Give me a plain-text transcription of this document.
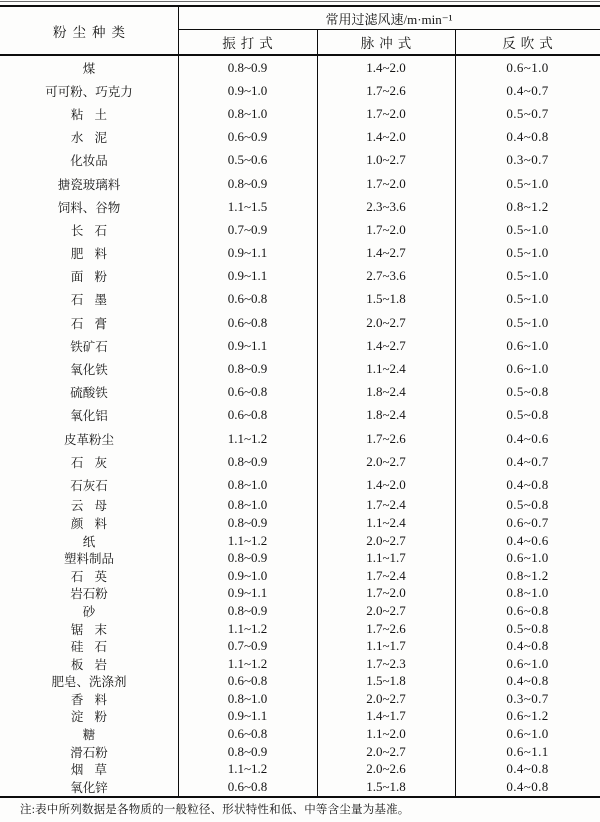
粉尘种类
常用过滤风速/m·min⁻¹
振打式	脉冲式	反吹式
煤	0.8~0.9	1.4~2.0	0.6~1.0
可可粉、巧克力	0.9~1.0	1.7~2.6	0.4~0.7
粘 土	0.8~1.0	1.7~2.0	0.5~0.7
水 泥	0.6~0.9	1.4~2.0	0.4~0.8
化妆品	0.5~0.6	1.0~2.7	0.3~0.7
搪瓷玻璃料	0.8~0.9	1.7~2.0	0.5~1.0
饲料、谷物	1.1~1.5	2.3~3.6	0.8~1.2
长 石	0.7~0.9	1.7~2.0	0.5~1.0
肥 料	0.9~1.1	1.4~2.7	0.5~1.0
面 粉	0.9~1.1	2.7~3.6	0.5~1.0
石 墨	0.6~0.8	1.5~1.8	0.5~1.0
石 膏	0.6~0.8	2.0~2.7	0.5~1.0
铁矿石	0.9~1.1	1.4~2.7	0.6~1.0
氧化铁	0.8~0.9	1.1~2.4	0.6~1.0
硫酸铁	0.6~0.8	1.8~2.4	0.5~0.8
氧化铝	0.6~0.8	1.8~2.4	0.5~0.8
皮革粉尘	1.1~1.2	1.7~2.6	0.4~0.6
石 灰	0.8~0.9	2.0~2.7	0.4~0.7
石灰石	0.8~1.0	1.4~2.0	0.4~0.8
云 母	0.8~1.0	1.7~2.4	0.5~0.8
颜 料	0.8~0.9	1.1~2.4	0.6~0.7
纸	1.1~1.2	2.0~2.7	0.4~0.6
塑料制品	0.8~0.9	1.1~1.7	0.6~1.0
石 英	0.9~1.0	1.7~2.4	0.8~1.2
岩石粉	0.9~1.1	1.7~2.0	0.8~1.0
砂	0.8~0.9	2.0~2.7	0.6~0.8
锯 末	1.1~1.2	1.7~2.6	0.5~0.8
硅 石	0.7~0.9	1.1~1.7	0.4~0.8
板 岩	1.1~1.2	1.7~2.3	0.6~1.0
肥皂、洗涤剂	0.6~0.8	1.5~1.8	0.4~0.8
香 料	0.8~1.0	2.0~2.7	0.3~0.7
淀 粉	0.9~1.1	1.4~1.7	0.6~1.2
糖	0.6~0.8	1.1~2.0	0.6~1.0
滑石粉	0.8~0.9	2.0~2.7	0.6~1.1
烟 草	1.1~1.2	2.0~2.6	0.4~0.8
氧化锌	0.6~0.8	1.5~1.8	0.4~0.8
注:表中所列数据是各物质的一般粒径、形状特性和低、中等含尘量为基准。
